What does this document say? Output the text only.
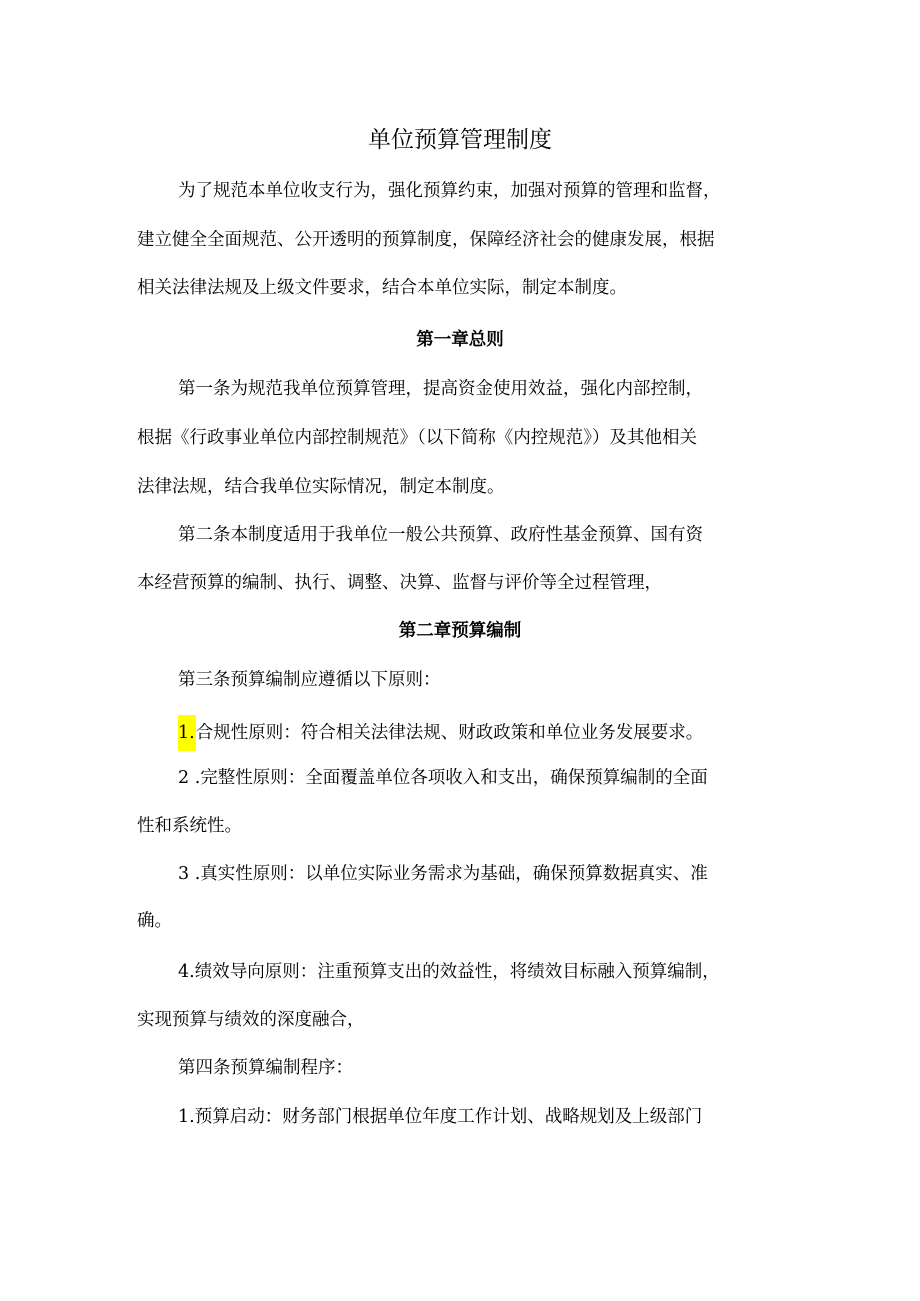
单位预算管理制度
为了规范本单位收支行为，强化预算约束，加强对预算的管理和监督，
建立健全全面规范、公开透明的预算制度，保障经济社会的健康发展，根据
相关法律法规及上级文件要求，结合本单位实际，制定本制度。
第一章总则
第一条为规范我单位预算管理，提高资金使用效益，强化内部控制，
根据《行政事业单位内部控制规范》（以下简称《内控规范》）及其他相关
法律法规，结合我单位实际情况，制定本制度。
第二条本制度适用于我单位一般公共预算、政府性基金预算、国有资
本经营预算的编制、执行、调整、决算、监督与评价等全过程管理，
第二章预算编制
第三条预算编制应遵循以下原则：
1.合规性原则：符合相关法律法规、财政政策和单位业务发展要求。
2 .完整性原则：全面覆盖单位各项收入和支出，确保预算编制的全面
性和系统性。
3 .真实性原则：以单位实际业务需求为基础，确保预算数据真实、准
确。
4.绩效导向原则：注重预算支出的效益性，将绩效目标融入预算编制，
实现预算与绩效的深度融合，
第四条预算编制程序：
1.预算启动：财务部门根据单位年度工作计划、战略规划及上级部门
